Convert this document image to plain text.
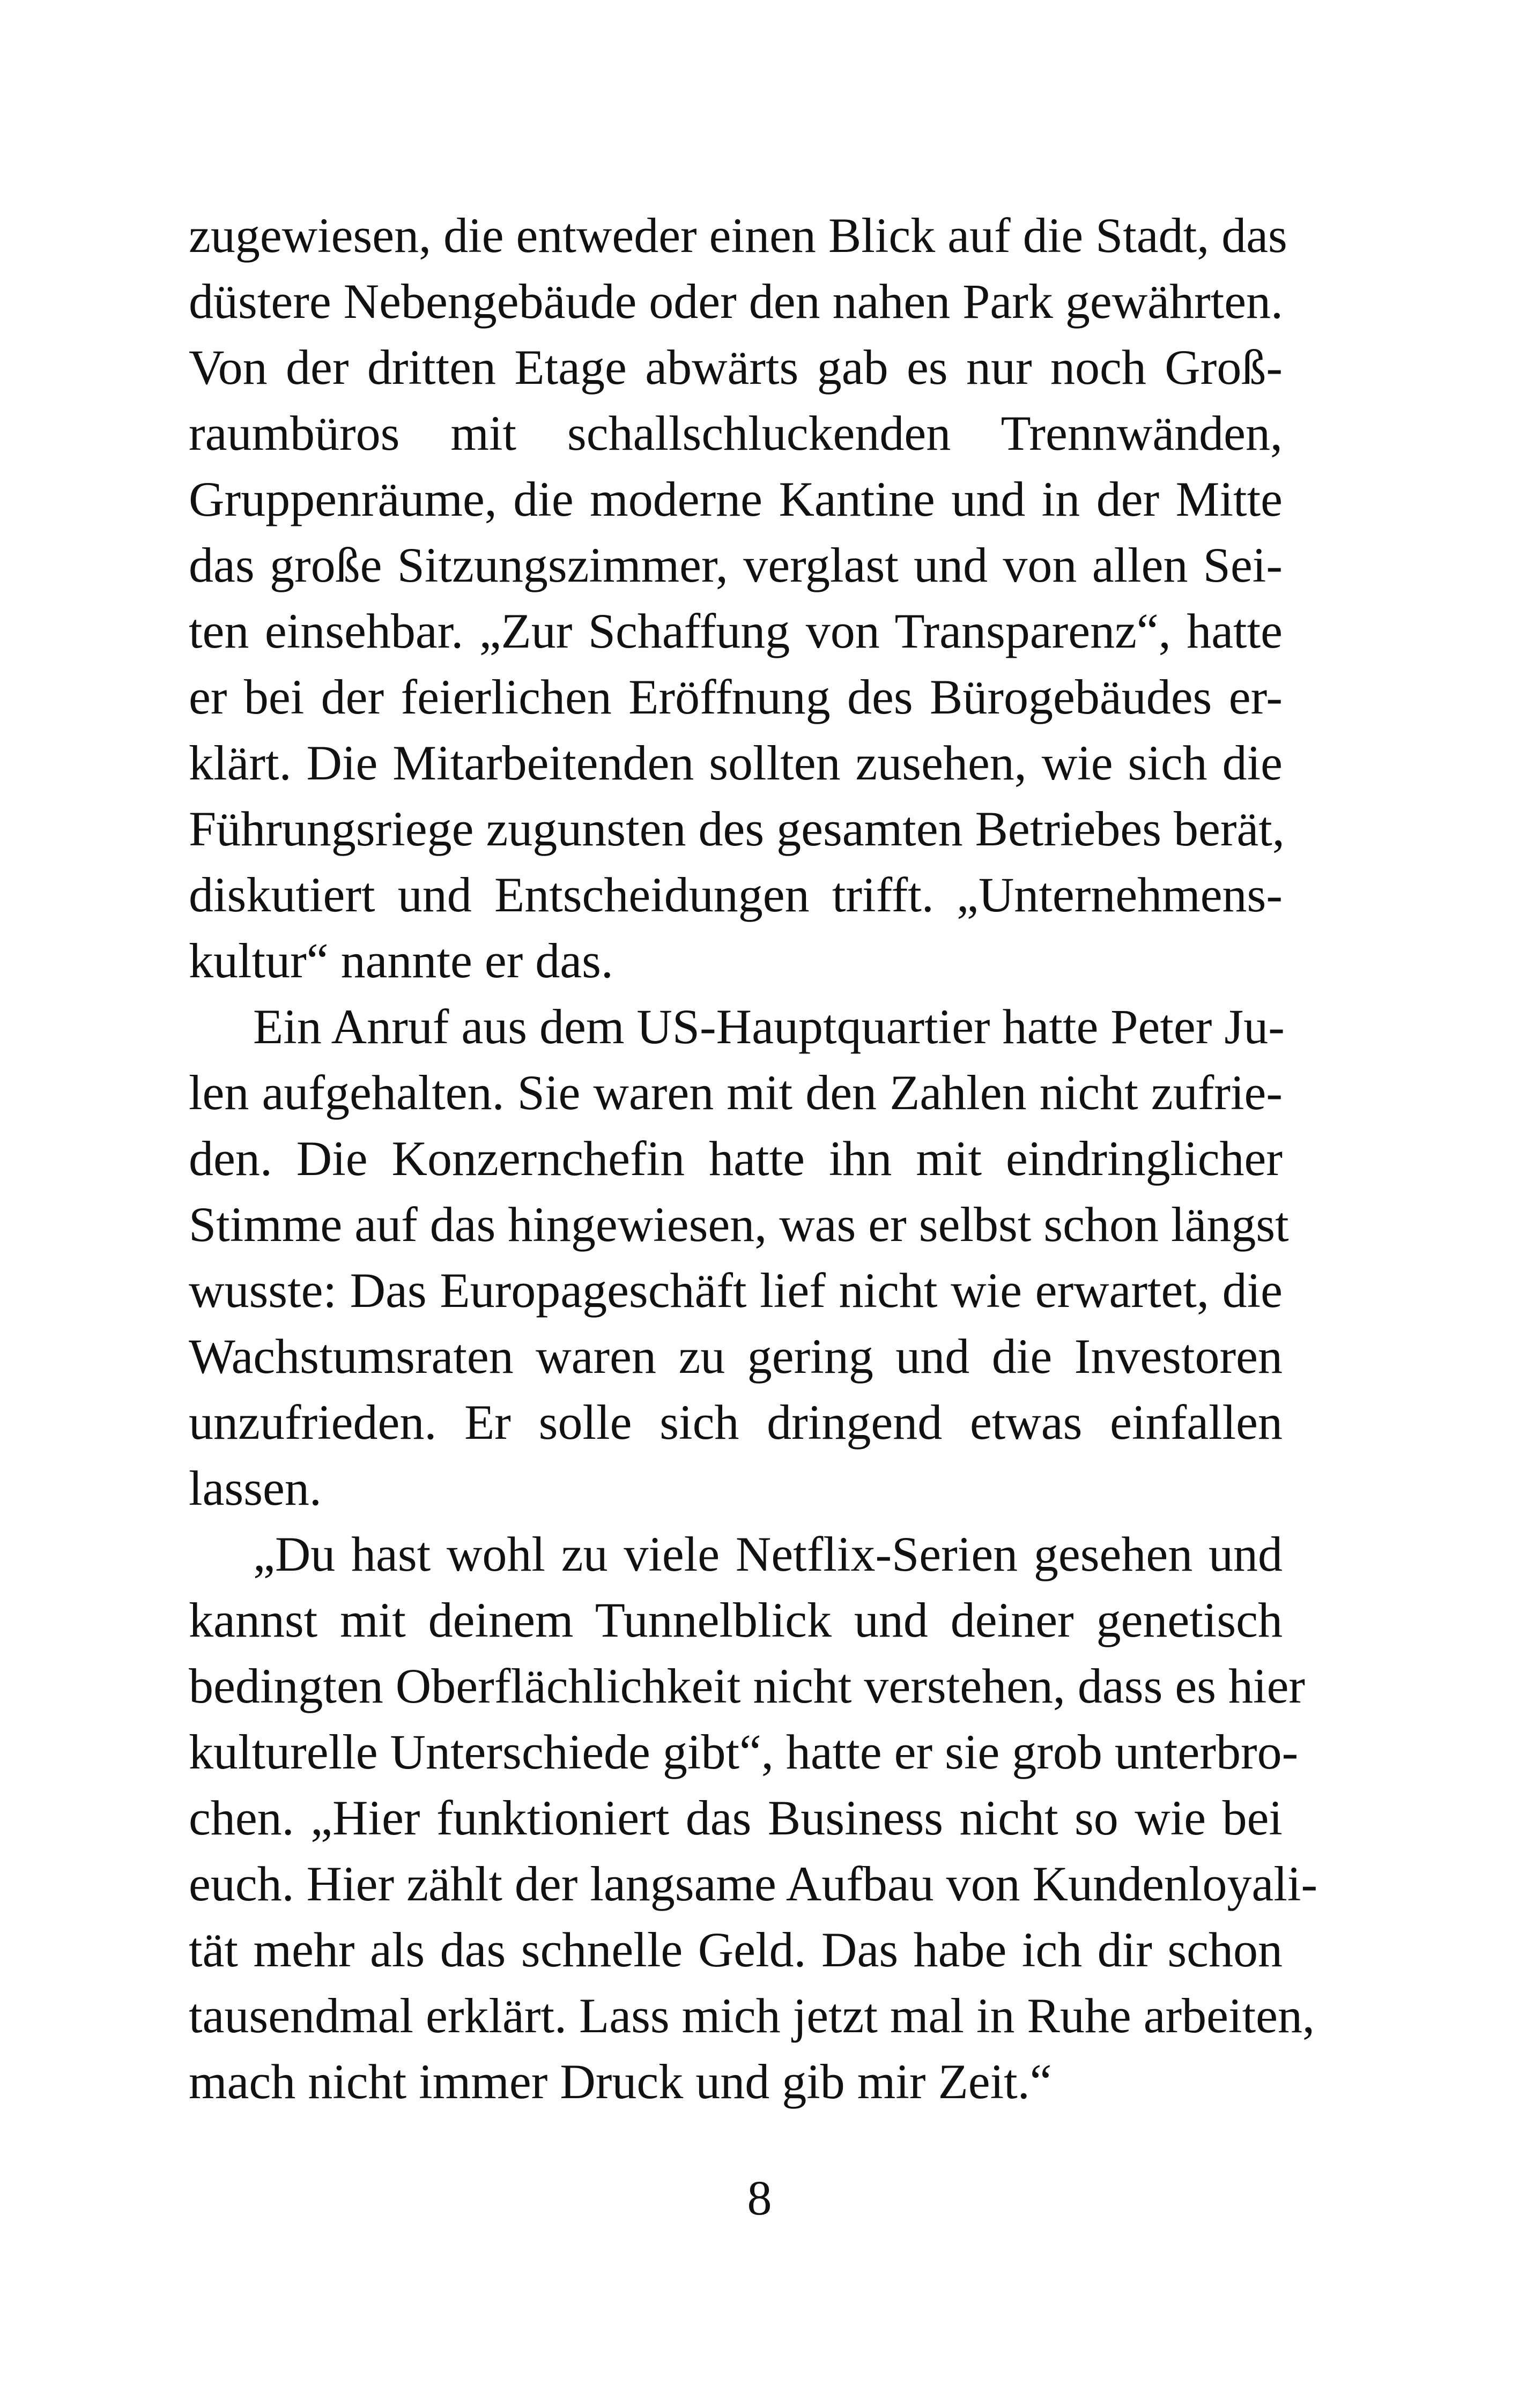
zugewiesen, die entweder einen Blick auf die Stadt, das
düstere Nebengebäude oder den nahen Park gewährten.
Von der dritten Etage abwärts gab es nur noch Groß-
raumbüros mit schallschluckenden Trennwänden,
Gruppenräume, die moderne Kantine und in der Mitte
das große Sitzungszimmer, verglast und von allen Sei-
ten einsehbar. „Zur Schaffung von Transparenz“, hatte
er bei der feierlichen Eröffnung des Bürogebäudes er-
klärt. Die Mitarbeitenden sollten zusehen, wie sich die
Führungsriege zugunsten des gesamten Betriebes berät,
diskutiert und Entscheidungen trifft. „Unternehmens-
kultur“ nannte er das.
Ein Anruf aus dem US-Hauptquartier hatte Peter Ju-
len aufgehalten. Sie waren mit den Zahlen nicht zufrie-
den. Die Konzernchefin hatte ihn mit eindringlicher
Stimme auf das hingewiesen, was er selbst schon längst
wusste: Das Europageschäft lief nicht wie erwartet, die
Wachstumsraten waren zu gering und die Investoren
unzufrieden. Er solle sich dringend etwas einfallen
lassen.
„Du hast wohl zu viele Netflix-Serien gesehen und
kannst mit deinem Tunnelblick und deiner genetisch
bedingten Oberflächlichkeit nicht verstehen, dass es hier
kulturelle Unterschiede gibt“, hatte er sie grob unterbro-
chen. „Hier funktioniert das Business nicht so wie bei
euch. Hier zählt der langsame Aufbau von Kundenloyali-
tät mehr als das schnelle Geld. Das habe ich dir schon
tausendmal erklärt. Lass mich jetzt mal in Ruhe arbeiten,
mach nicht immer Druck und gib mir Zeit.“
8
